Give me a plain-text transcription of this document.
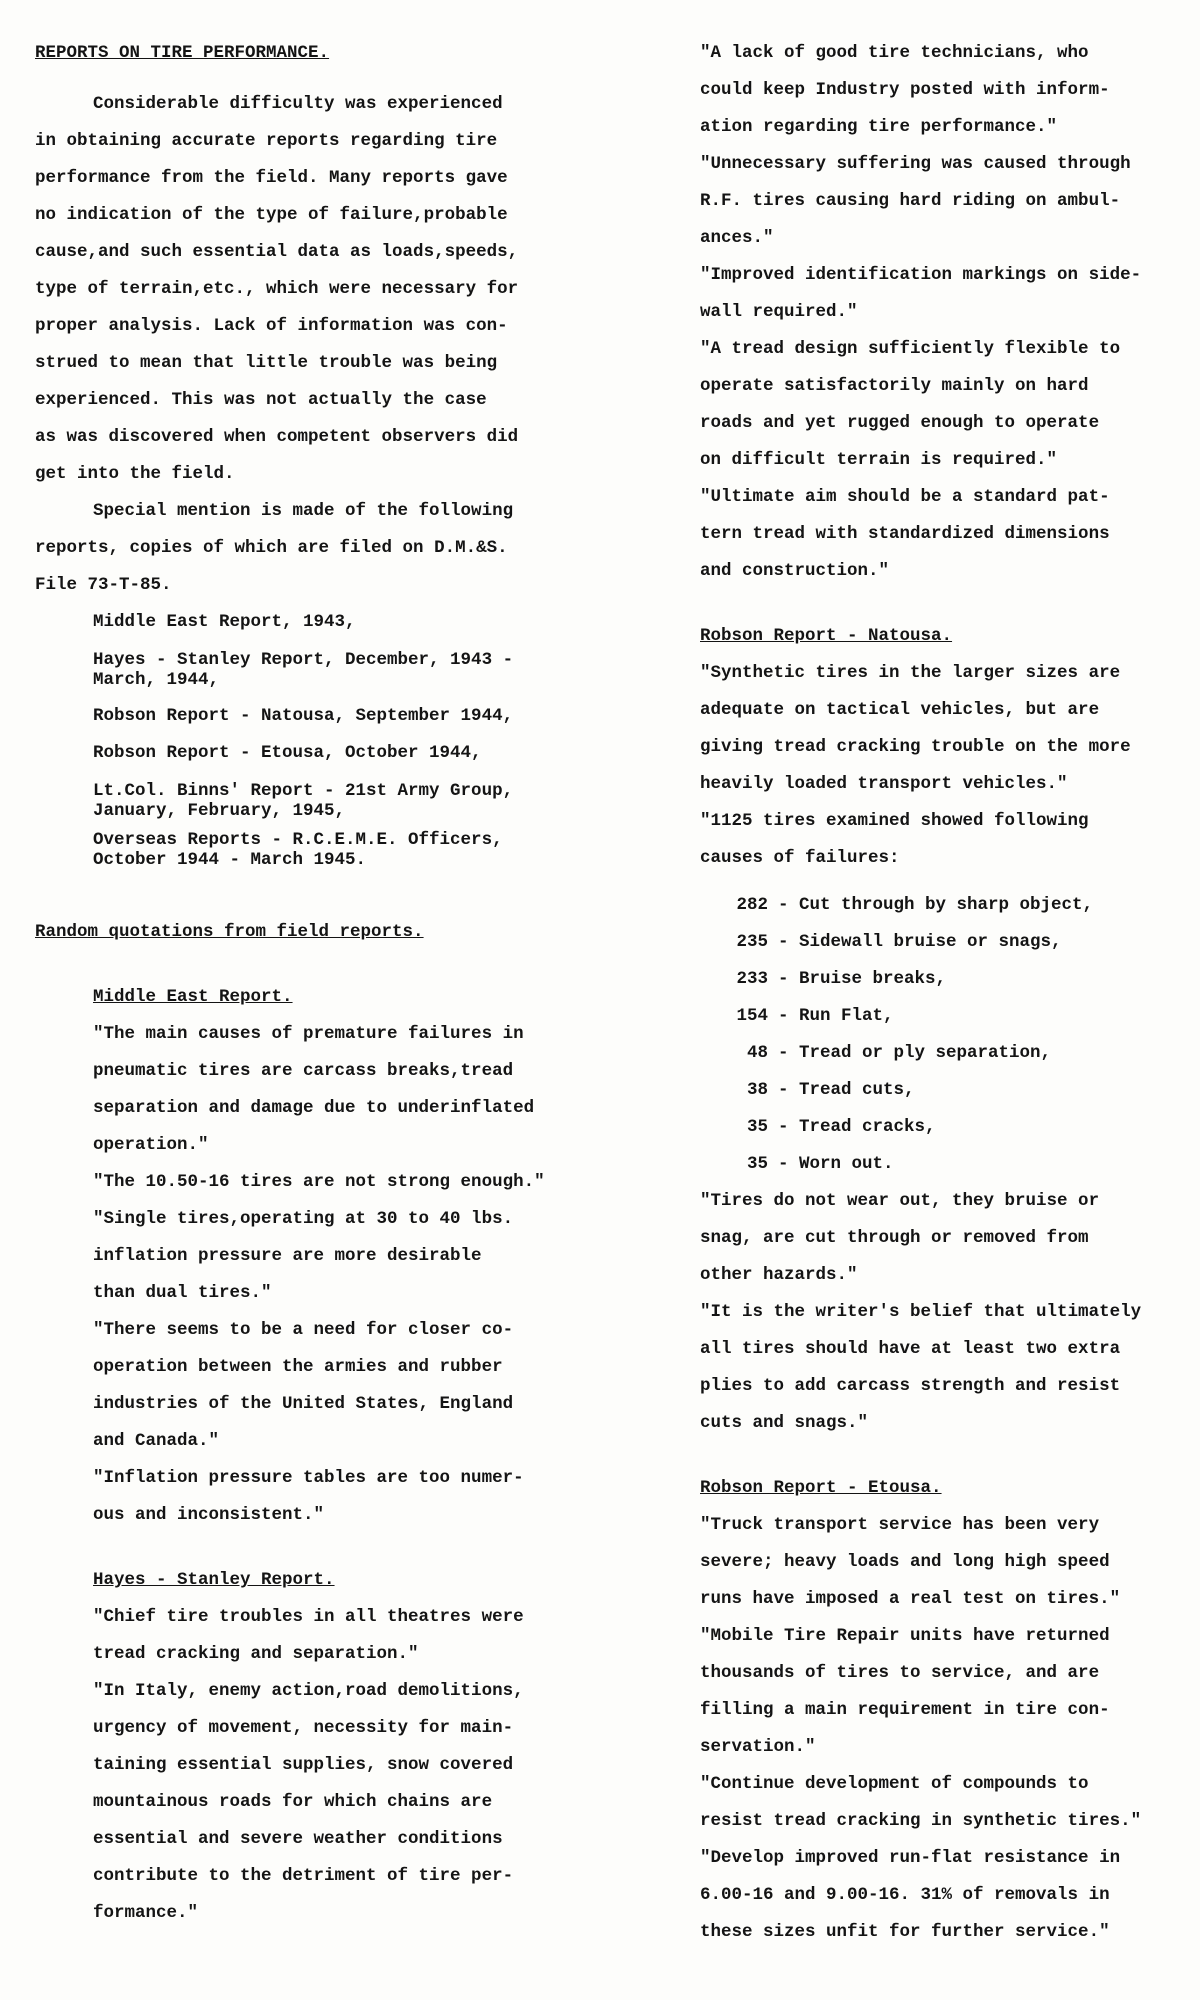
REPORTS ON TIRE PERFORMANCE.

Considerable difficulty was experienced

in obtaining accurate reports regarding tire

performance from the field. Many reports gave

no indication of the type of failure,probable

cause,and such essential data as loads,speeds,

type of terrain,etc., which were necessary for

proper analysis. Lack of information was con-

strued to mean that little trouble was being

experienced. This was not actually the case

as was discovered when competent observers did

get into the field.

Special mention is made of the following

reports, copies of which are filed on D.M.&S.

File 73-T-85.

Middle East Report, 1943,

Hayes - Stanley Report, December, 1943 - March, 1944,

Robson Report - Natousa, September 1944,

Robson Report - Etousa, October 1944,

Lt.Col. Binns' Report - 21st Army Group, January, February, 1945,

Overseas Reports - R.C.E.M.E. Officers, October 1944 - March 1945.

Random quotations from field reports.

Middle East Report.

"The main causes of premature failures in

pneumatic tires are carcass breaks,tread

separation and damage due to underinflated

operation."

"The 10.50-16 tires are not strong enough."

"Single tires,operating at 30 to 40 lbs.

inflation pressure are more desirable

than dual tires."

"There seems to be a need for closer co-

operation between the armies and rubber

industries of the United States, England

and Canada."

"Inflation pressure tables are too numer-

ous and inconsistent."

Hayes - Stanley Report.

"Chief tire troubles in all theatres were

tread cracking and separation."

"In Italy, enemy action,road demolitions,

urgency of movement, necessity for main-

taining essential supplies, snow covered

mountainous roads for which chains are

essential and severe weather conditions

contribute to the detriment of tire per-

formance."

"A lack of good tire technicians, who

could keep Industry posted with inform-

ation regarding tire performance."

"Unnecessary suffering was caused through

R.F. tires causing hard riding on ambul-

ances."

"Improved identification markings on side-

wall required."

"A tread design sufficiently flexible to

operate satisfactorily mainly on hard

roads and yet rugged enough to operate

on difficult terrain is required."

"Ultimate aim should be a standard pat-

tern tread with standardized dimensions

and construction."

Robson Report - Natousa.

"Synthetic tires in the larger sizes are

adequate on tactical vehicles, but are

giving tread cracking trouble on the more

heavily loaded transport vehicles."

"1125 tires examined showed following

causes of failures:

282 - Cut through by sharp object,
235 - Sidewall bruise or snags,
233 - Bruise breaks,
154 - Run Flat,
48 - Tread or ply separation,
38 - Tread cuts,
35 - Tread cracks,
35 - Worn out.

"Tires do not wear out, they bruise or

snag, are cut through or removed from

other hazards."

"It is the writer's belief that ultimately

all tires should have at least two extra

plies to add carcass strength and resist

cuts and snags."

Robson Report - Etousa.

"Truck transport service has been very

severe; heavy loads and long high speed

runs have imposed a real test on tires."

"Mobile Tire Repair units have returned

thousands of tires to service, and are

filling a main requirement in tire con-

servation."

"Continue development of compounds to

resist tread cracking in synthetic tires."

"Develop improved run-flat resistance in

6.00-16 and 9.00-16. 31% of removals in

these sizes unfit for further service."
